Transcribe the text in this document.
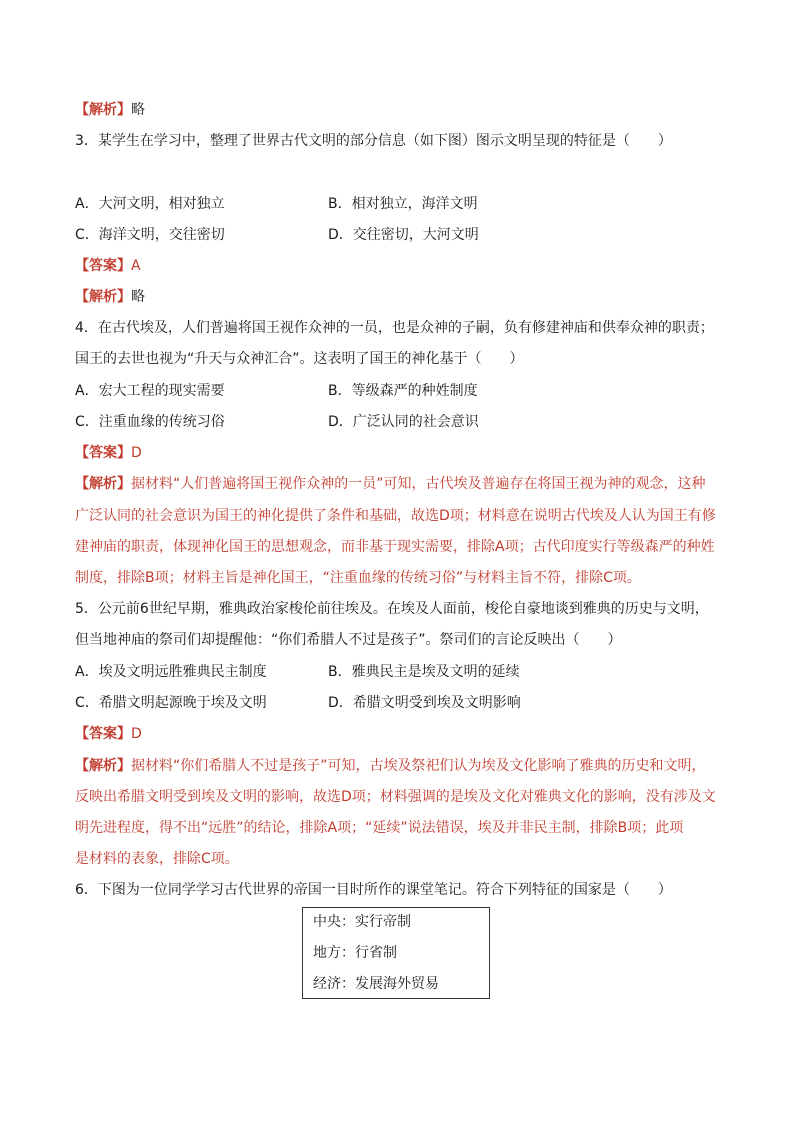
【解析】略
3．某学生在学习中，整理了世界古代文明的部分信息（如下图）图示文明呈现的特征是（　　）
A．大河文明，相对独立	B．相对独立，海洋文明
C．海洋文明，交往密切	D．交往密切，大河文明
【答案】A
【解析】略
4．在古代埃及，人们普遍将国王视作众神的一员，也是众神的子嗣，负有修建神庙和供奉众神的职责；
国王的去世也视为“升天与众神汇合”。这表明了国王的神化基于（　　）
A．宏大工程的现实需要	B．等级森严的种姓制度
C．注重血缘的传统习俗	D．广泛认同的社会意识
【答案】D
【解析】据材料“人们普遍将国王视作众神的一员”可知，古代埃及普遍存在将国王视为神的观念，这种
广泛认同的社会意识为国王的神化提供了条件和基础，故选D项；材料意在说明古代埃及人认为国王有修
建神庙的职责，体现神化国王的思想观念，而非基于现实需要，排除A项；古代印度实行等级森严的种姓
制度，排除B项；材料主旨是神化国王，“注重血缘的传统习俗”与材料主旨不符，排除C项。
5．公元前6世纪早期，雅典政治家梭伦前往埃及。在埃及人面前，梭伦自豪地谈到雅典的历史与文明，
但当地神庙的祭司们却提醒他：“你们希腊人不过是孩子”。祭司们的言论反映出（　　）
A．埃及文明远胜雅典民主制度	B．雅典民主是埃及文明的延续
C．希腊文明起源晚于埃及文明	D．希腊文明受到埃及文明影响
【答案】D
【解析】据材料“你们希腊人不过是孩子”可知，古埃及祭祀们认为埃及文化影响了雅典的历史和文明，
反映出希腊文明受到埃及文明的影响，故选D项；材料强调的是埃及文化对雅典文化的影响，没有涉及文
明先进程度，得不出“远胜”的结论，排除A项；“延续”说法错误，埃及并非民主制，排除B项；此项
是材料的表象，排除C项。
6．下图为一位同学学习古代世界的帝国一目时所作的课堂笔记。符合下列特征的国家是（　　）
中央：实行帝制
地方：行省制
经济：发展海外贸易
